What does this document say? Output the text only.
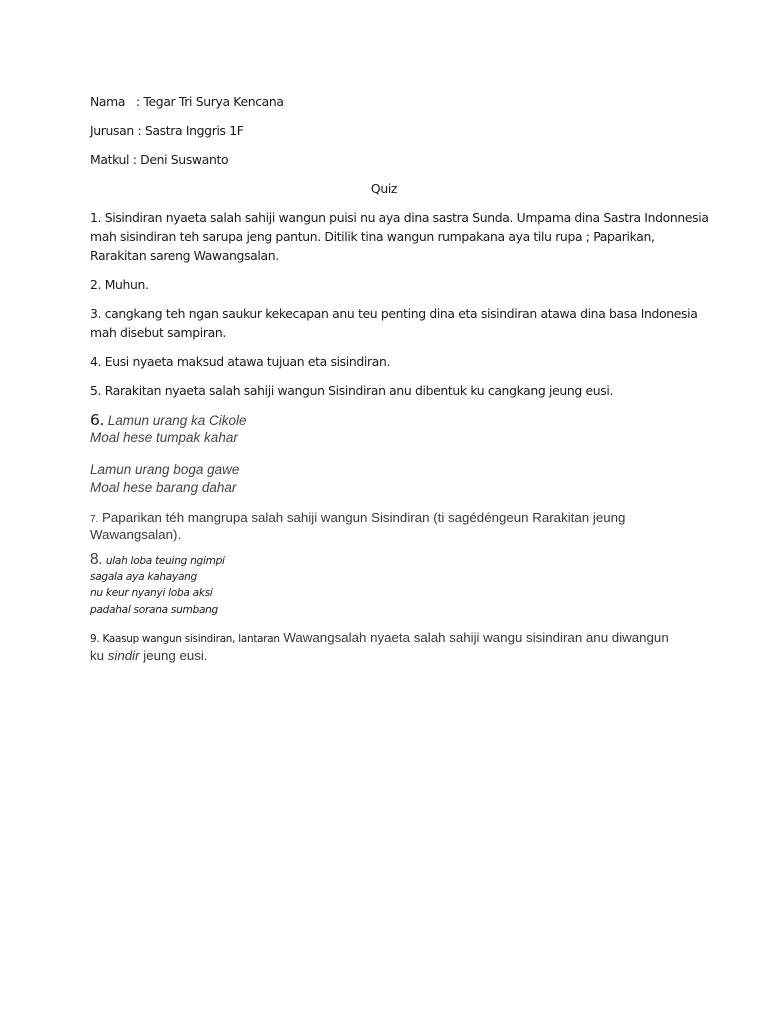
Nama : Tegar Tri Surya Kencana
Jurusan : Sastra Inggris 1F
Matkul : Deni Suswanto
Quiz
1. Sisindiran nyaeta salah sahiji wangun puisi nu aya dina sastra Sunda. Umpama dina Sastra Indonnesia
mah sisindiran teh sarupa jeng pantun. Ditilik tina wangun rumpakana aya tilu rupa ; Paparikan,
Rarakitan sareng Wawangsalan.
2. Muhun.
3. cangkang teh ngan saukur kekecapan anu teu penting dina eta sisindiran atawa dina basa Indonesia
mah disebut sampiran.
4. Eusi nyaeta maksud atawa tujuan eta sisindiran.
5. Rarakitan nyaeta salah sahiji wangun Sisindiran anu dibentuk ku cangkang jeung eusi.
6. Lamun urang ka Cikole
Moal hese tumpak kahar
Lamun urang boga gawe
Moal hese barang dahar
7. Paparikan téh mangrupa salah sahiji wangun Sisindiran (ti sagédéngeun Rarakitan jeung
Wawangsalan).
8. ulah loba teuing ngimpi
sagala aya kahayang
nu keur nyanyi loba aksi
padahal sorana sumbang
9. Kaasup wangun sisindiran, lantaran Wawangsalah nyaeta salah sahiji wangu sisindiran anu diwangun
ku sindir jeung eusi.
